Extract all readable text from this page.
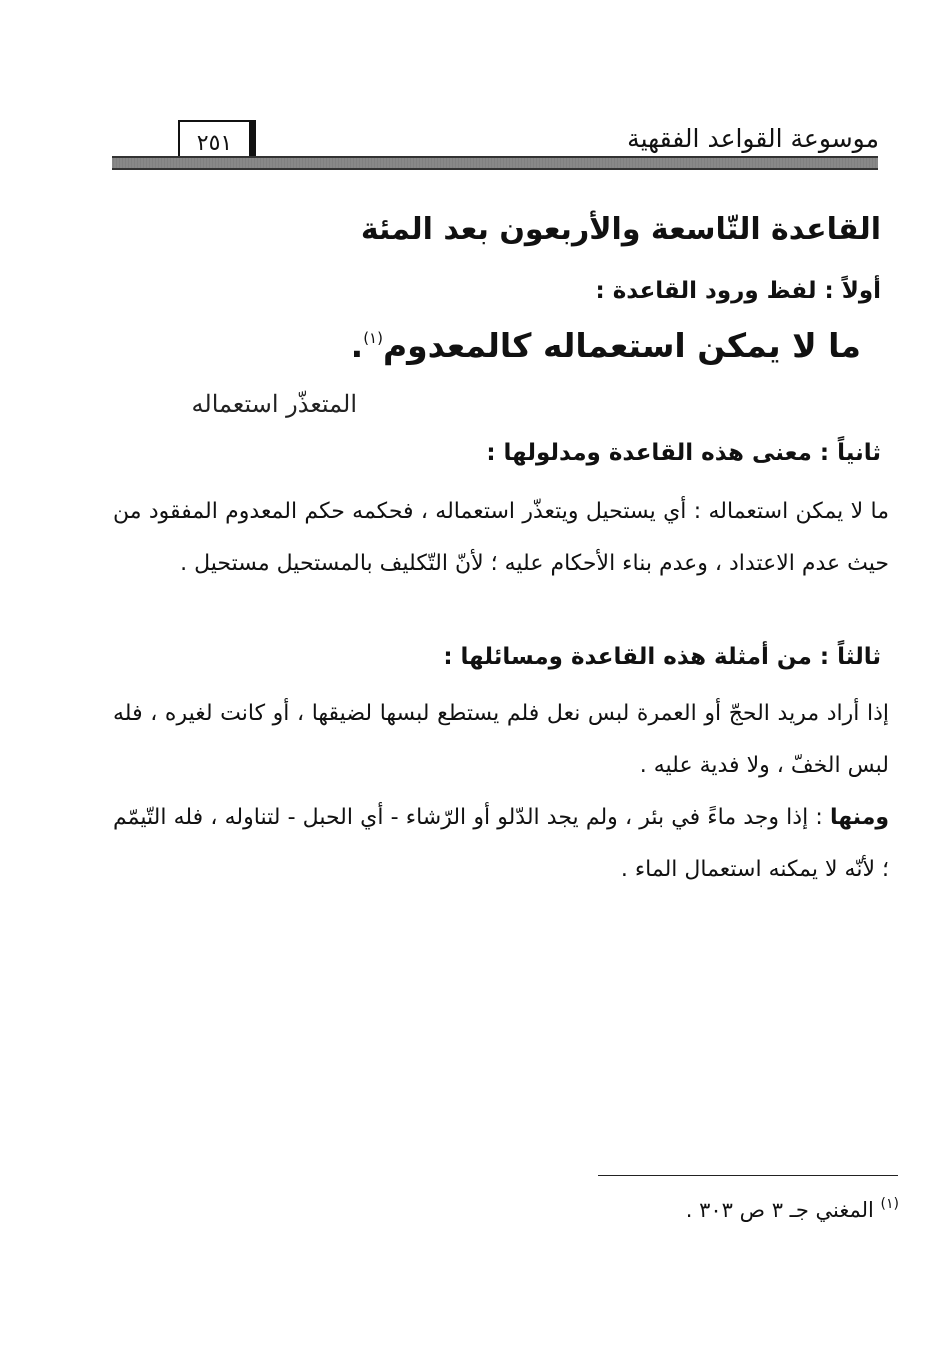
موسوعة القواعد الفقهية
٢٥١
القاعدة التّاسعة والأربعون بعد المئة
أولاً : لفظ ورود القاعدة :
ما لا يمكن استعماله كالمعدوم$^{(١)}$.
المتعذّر استعماله
ثانياً : معنى هذه القاعدة ومدلولها :
ما لا يمكن استعماله : أي يستحيل ويتعذّر استعماله ، فحكمه حكم المعدوم المفقود من حيث عدم الاعتداد ، وعدم بناء الأحكام عليه ؛ لأنّ التّكليف بالمستحيل مستحيل .
ثالثاً : من أمثلة هذه القاعدة ومسائلها :
إذا أراد مريد الحجّ أو العمرة لبس نعل فلم يستطع لبسها لضيقها ، أو كانت لغيره ، فله لبس الخفّ ، ولا فدية عليه .
ومنها : إذا وجد ماءً في بئر ، ولم يجد الدّلو أو الرّشاء - أي الحبل - لتناوله ، فله التّيمّم ؛ لأنّه لا يمكنه استعمال الماء .
$^{(١)}$ المغني جـ ٣ ص ٣٠٣ .
